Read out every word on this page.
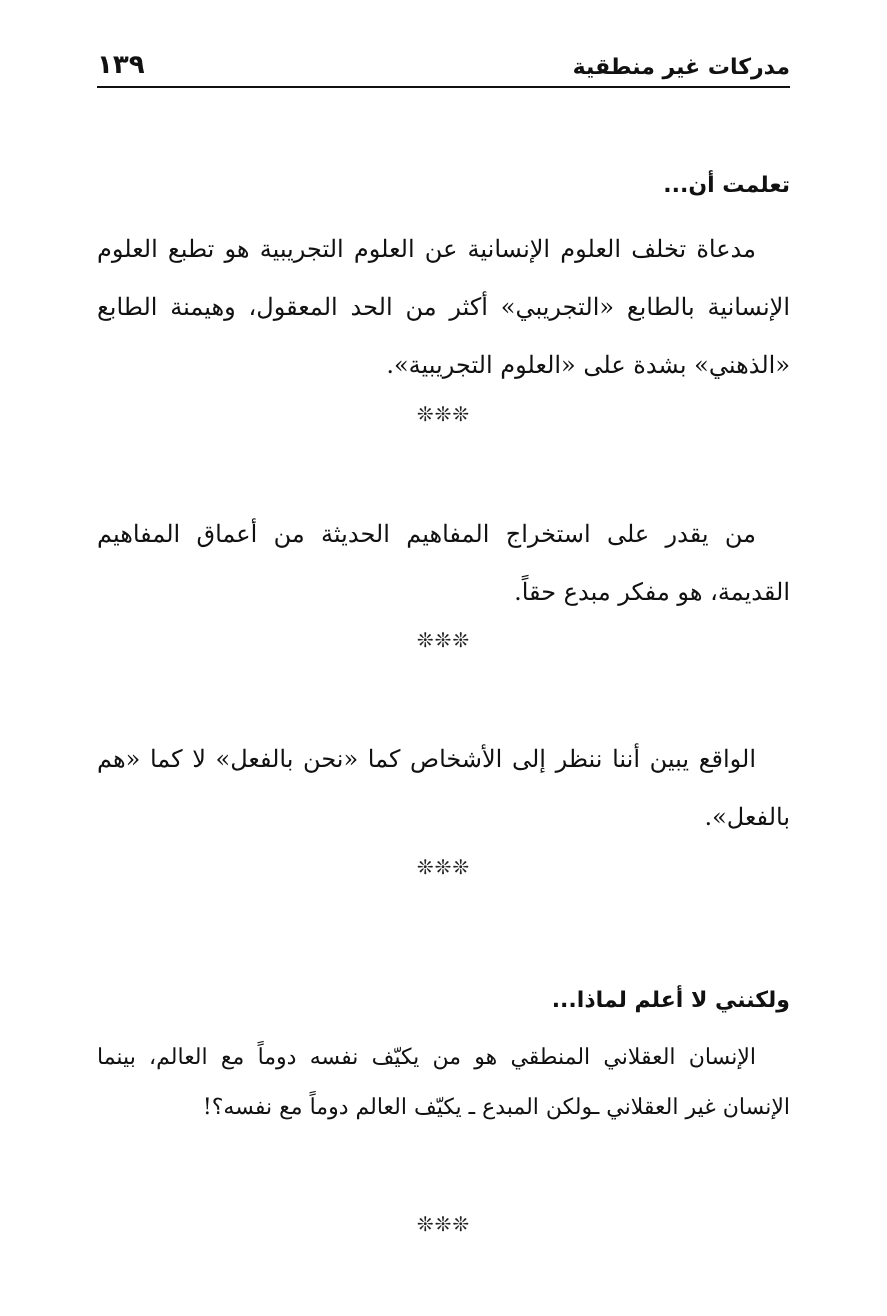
مدركات غير منطقية
١٣٩
تعلمت أن...

مدعاة تخلف العلوم الإنسانية عن العلوم التجريبية هو تطبع العلوم الإنسانية بالطابع «التجريبي» أكثر من الحد المعقول، وهيمنة الطابع «الذهني» بشدة على «العلوم التجريبية».

❊❊❊

من يقدر على استخراج المفاهيم الحديثة من أعماق المفاهيم القديمة، هو مفكر مبدع حقاً.

❊❊❊

الواقع يبين أننا ننظر إلى الأشخاص كما «نحن بالفعل» لا كما «هم بالفعل».

❊❊❊
ولكنني لا أعلم لماذا...

الإنسان العقلاني المنطقي هو من يكيّف نفسه دوماً مع العالم، بينما الإنسان غير العقلاني ـولكن المبدع ـ يكيّف العالم دوماً مع نفسه؟!

❊❊❊
